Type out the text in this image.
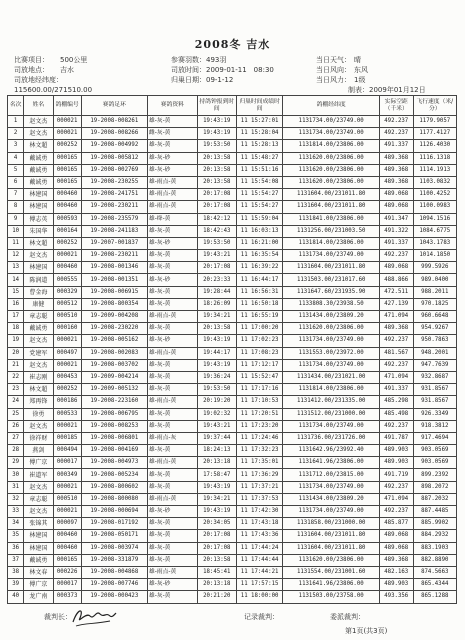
2008冬 吉水
比赛项目： 500公里	参赛羽数： 493羽	当日天气： 晴
司放地点： 吉水	司放时间： 2009-01-11　08:30	当日风向： 东风
司放地经纬度：
115600.00/271510.00
归巢日期： 09-1-12	当日风力： 1级
制表：2009年01月12日
名次	姓名	鸽棚编号	赛鸽足环	赛鸽资料	持鸽钟报到时间	归巢时间成绩时间	鸽棚经纬度	实际空距（千米）	飞行速度（米/分）
1	赵文杰	000021	19-2008-008261	雄-灰-黄	19:43:19	11 15:27:01	1131734.00/23749.00	492.237	1179.9057
2	赵文杰	000021	19-2008-008266	雌-灰-黄	19:43:19	11 15:28:04	1131734.00/23749.00	492.237	1177.4127
3	林文超	000252	19-2008-004992	雄-灰-黄	19:53:50	11 15:28:13	1131814.00/23806.00	491.337	1126.4030
4	戴诚勇	000165	19-2008-005812	雄-灰-砂	20:13:58	11 15:48:27	1131620.00/23806.00	489.368	1116.1318
5	戴诚勇	000165	19-2008-002769	雄-灰-砂	20:13:58	11 15:51:16	1131620.00/23806.00	489.368	1114.1913
6	戴诚勇	000165	19-2008-230255	雄-雨点-黄	20:13:58	11 15:54:08	1131620.00/23806.00	489.368	1103.0832
7	林建国	000460	19-2008-241751	雄-雨点-黄	20:17:08	11 15:54:27	1131604.00/231011.80	489.068	1100.4252
8	林建国	000460	19-2008-230211	雄-雨点-黄	20:17:08	11 15:54:27	1131604.00/231011.80	489.068	1100.0983
9	傅志英	000593	19-2008-235579	雄-绛-黄	18:42:12	11 15:59:04	1131841.00/23806.00	491.347	1094.1516
10	朱国华	000164	19-2008-241183	雄-灰-黄	18:42:43	11 16:03:13	1131256.00/231003.50	491.322	1084.6775
11	林文超	000252	19-2007-001837	雄-灰-砂	19:53:50	11 16:21:00	1131814.00/23806.00	491.337	1043.1783
12	赵文杰	000021	19-2008-230211	雄-灰-黄	19:43:21	11 16:35:54	1131734.00/23749.00	492.237	1014.1850
13	林建国	000460	19-2008-001346	雄-灰-黄	20:17:08	11 16:39:22	1131604.00/231011.80	489.068	999.5926
14	陈润道	000555	19-2008-001351	雄-灰-砂	20:23:33	11 16:44:17	1131503.00/231017.60	488.866	989.0400
15	曹金海	000329	19-2008-006915	雄-灰-黄	19:28:44	11 16:56:31	1131647.60/231935.90	472.511	988.2011
16	康健	000512	19-2008-800354	雄-灰-黄	18:26:09	11 16:50:18	1133808.30/23938.50	427.139	970.1825
17	章志聪	000510	19-2009-004208	雄-雨点-黄	19:34:21	11 16:55:19	1131434.00/23809.20	471.094	960.6648
18	戴诚勇	000160	19-2008-230220	雄-灰-黄	20:13:58	11 17:00:20	1131620.00/23806.00	489.368	954.9267
19	赵文杰	000021	19-2008-005162	雄-灰-砂	19:43:19	11 17:02:23	1131734.00/23749.00	492.237	950.7863
20	党建军	000497	19-2008-002083	雄-雨点-黄	19:44:17	11 17:08:23	1131553.00/23972.00	481.567	948.2001
21	赵文杰	000021	19-2008-003702	雄-灰-黄	19:43:19	11 17:12:17	1131734.00/23749.00	492.237	947.7639
22	崔志刚	000453	19-2009-004214	雄-灰-黄	19:36:24	11 15:52:47	1131434.00/231021.00	471.094	932.8687
23	林文超	000252	19-2009-005132	雄-灰-黄	19:53:50	11 17:17:16	1131814.00/23806.00	491.337	931.8567
24	郑再锋	000186	19-2008-223160	雄-雨点-黄	20:19:20	11 17:10:53	1131412.00/231335.00	485.298	931.8567
25	徐勇	000533	19-2008-006795	雄-灰-黄	19:02:32	11 17:20:51	1131512.00/231000.00	485.498	926.3349
26	赵文杰	000021	19-2008-008253	雄-灰-黄	19:43:21	11 17:23:20	1131734.00/23749.00	492.237	918.3812
27	徐祥财	000185	19-2008-006801	雄-雨点-灰	19:37:44	11 17:24:46	1131736.00/231726.00	491.787	917.4694
28	燕剑	000494	19-2008-004169	雄-灰-黄	18:24:13	11 17:32:23	1131642.96/23992.40	489.903	903.0569
29	傅广京	000017	19-2008-004973	雄-雨点-黄	20:13:18	11 17:35:01	1131641.96/23806.00	489.903	903.0569
30	崔道军	000349	19-2008-005234	雄-灰-黄	17:58:47	11 17:36:29	1131712.00/23815.00	491.719	899.2392
31	赵文杰	000021	19-2008-800602	雄-灰-黄	19:43:19	11 17:37:21	1131734.00/23749.00	492.237	898.2072
32	章志聪	000510	19-2008-800080	雄-雨点-黄	19:34:21	11 17:37:53	1131434.00/23809.20	471.094	887.2032
33	赵文杰	000021	19-2008-000694	雄-灰-砂	19:43:19	11 17:42:30	1131734.00/23749.00	492.237	887.4485
34	张锦其	000097	19-2008-017192	雄-灰-黄	20:34:05	11 17:43:18	1131858.00/231000.00	485.877	885.9902
35	林建国	000460	19-2008-050171	雄-灰-黄	20:17:08	11 17:43:36	1131604.00/231011.80	489.068	884.2932
36	林建国	000460	19-2008-003974	雄-灰-黄	20:17:08	11 17:44:24	1131604.00/231011.80	489.068	883.1903
37	戴诚勇	000165	19-2008-331879	雄-灰-黄	20:13:58	11 17:44:44	1131620.00/23806.00	489.368	882.8890
38	林文春	000226	19-2008-004868	雄-雨点-黄	18:45:41	11 17:44:21	1131554.00/231001.60	482.163	874.5663
39	傅广京	000017	19-2008-007746	雄-灰-砂	20:13:18	11 17:57:15	1131641.96/23806.00	489.903	865.4344
40	龙广南	000373	19-2008-000423	雄-灰-黄	20:21:20	11 18:00:00	1131503.00/23758.00	493.356	865.1288
裁判长：	记录裁判：	委派裁判：
第1页(共3页)
